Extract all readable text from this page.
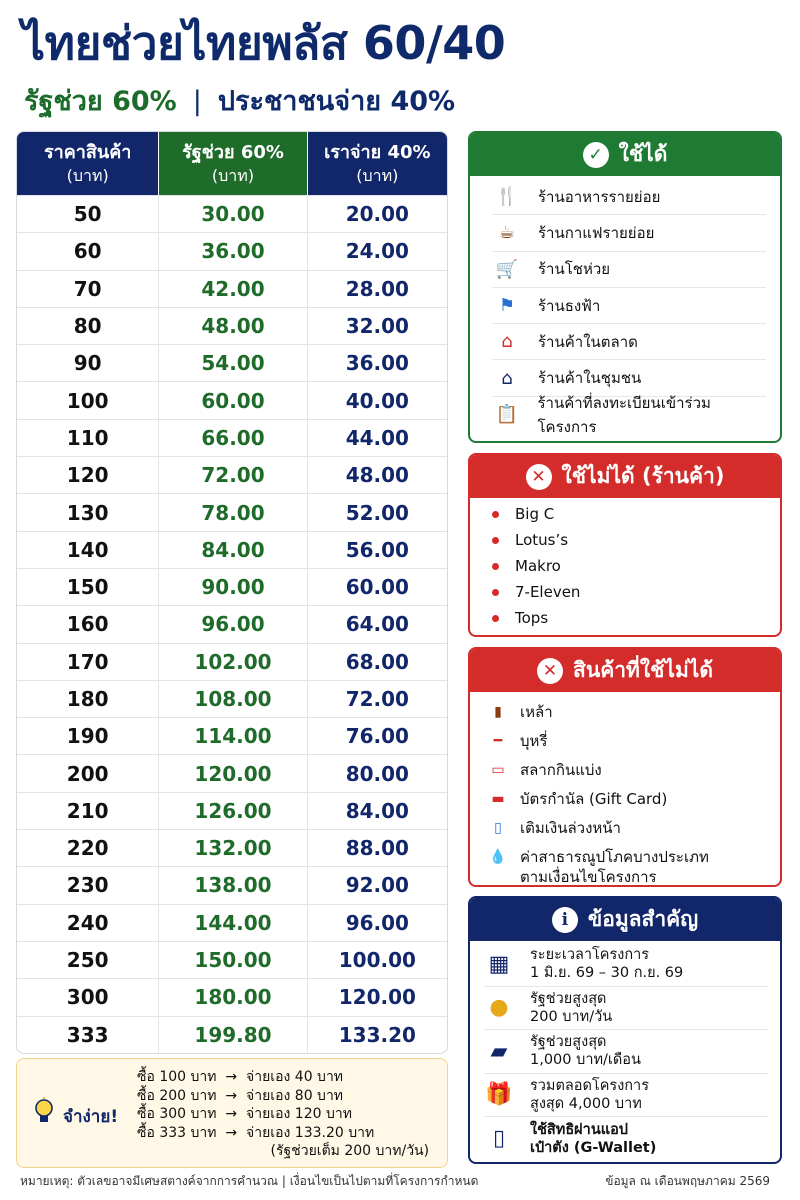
ไทยช่วยไทยพลัส 60/40
รัฐช่วย 60% | ประชาชนจ่าย 40%
ราคาสินค้า
(บาท)
รัฐช่วย 60%
(บาท)
เราจ่าย 40%
(บาท)
50	30.00	20.00
60	36.00	24.00
70	42.00	28.00
80	48.00	32.00
90	54.00	36.00
100	60.00	40.00
110	66.00	44.00
120	72.00	48.00
130	78.00	52.00
140	84.00	56.00
150	90.00	60.00
160	96.00	64.00
170	102.00	68.00
180	108.00	72.00
190	114.00	76.00
200	120.00	80.00
210	126.00	84.00
220	132.00	88.00
230	138.00	92.00
240	144.00	96.00
250	150.00	100.00
300	180.00	120.00
333	199.80	133.20
จำง่าย!
ซื้อ 100 บาท  →  จ่ายเอง 40 บาท
ซื้อ 200 บาท  →  จ่ายเอง 80 บาท
ซื้อ 300 บาท  →  จ่ายเอง 120 บาท
ซื้อ 333 บาท  →  จ่ายเอง 133.20 บาท
(รัฐช่วยเต็ม 200 บาท/วัน)
✓ ใช้ได้
🍴 ร้านอาหารรายย่อย
☕	ร้านกาแฟรายย่อย
🛒 ร้านโชห่วย
⚑	ร้านธงฟ้า
⌂	ร้านค้าในตลาด
⌂	ร้านค้าในชุมชน
📋
ร้านค้าที่ลงทะเบียนเข้าร่วมโครงการ
✕ ใช้ไม่ได้ (ร้านค้า)
Big C
Lotus’s
Makro
7-Eleven
Tops
✕ สินค้าที่ใช้ไม่ได้
▮	เหล้า
━	บุหรี่
▭ สลากกินแบ่ง
▬ บัตรกำนัล (Gift Card)
▯	เติมเงินล่วงหน้า
💧 ค่าสาธารณูปโภคบางประเภท
ตามเงื่อนไขโครงการ
i ข้อมูลสำคัญ
▦	ระยะเวลาโครงการ
1 มิ.ย. 69 – 30 ก.ย. 69
●	รัฐช่วยสูงสุด
200 บาท/วัน
▰	รัฐช่วยสูงสุด
1,000 บาท/เดือน
🎁 รวมตลอดโครงการ
สูงสุด 4,000 บาท
▯	ใช้สิทธิผ่านแอป
เป๋าตัง (G-Wallet)
หมายเหตุ: ตัวเลขอาจมีเศษสตางค์จากการคำนวณ | เงื่อนไขเป็นไปตามที่โครงการกำหนด	ข้อมูล ณ เดือนพฤษภาคม 2569
